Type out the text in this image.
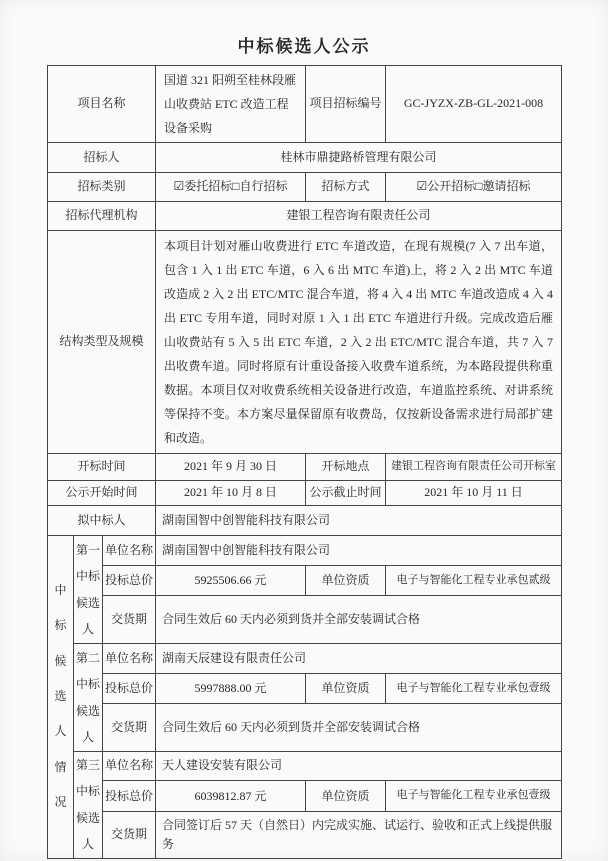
中标候选人公示
项目名称			国道 321 阳朔至桂林段雁山收费站 ETC 改造工程设备采购	项目招标编号	GC-JYZX-ZB-GL-2021-008
招标人			桂林市鼎捷路桥管理有限公司		
招标类别			☑委托招标□自行招标	招标方式	☑公开招标□邀请招标
招标代理机构			建银工程咨询有限责任公司		
结构类型及规模			本项目计划对雁山收费进行 ETC 车道改造，在现有规模(7 入 7 出车道，包含 1 入 1 出 ETC 车道，6 入 6 出 MTC 车道)上，将 2 入 2 出 MTC 车道改造成 2 入 2 出 ETC/MTC 混合车道，将 4 入 4 出 MTC 车道改造成 4 入 4 出 ETC 专用车道，同时对原 1 入 1 出 ETC 车道进行升级。完成改造后雁山收费站有 5 入 5 出 ETC 车道，2 入 2 出 ETC/MTC 混合车道，共 7 入 7 出收费车道。同时将原有计重设备接入收费车道系统，为本路段提供称重数据。本项目仅对收费系统相关设备进行改造，车道监控系统、对讲系统等保持不变。本方案尽量保留原有收费岛，仅按新设备需求进行局部扩建和改造。		
开标时间			2021 年 9 月 30 日	开标地点	建银工程咨询有限责任公司开标室
公示开始时间			2021 年 10 月 8 日	公示截止时间	2021 年 10 月 11 日
拟中标人			湖南国智中创智能科技有限公司		

中标候选人情况	第一中标候选人	单位名称	湖南国智中创智能科技有限公司		
		投标总价	5925506.66 元	单位资质	电子与智能化工程专业承包贰级
		交货期	合同生效后 60 天内必须到货并全部安装调试合格		

	第二中标候选人	单位名称	湖南天辰建设有限责任公司		
		投标总价	5997888.00 元	单位资质	电子与智能化工程专业承包壹级
		交货期	合同生效后 60 天内必须到货并全部安装调试合格		

	第三中标候选人	单位名称	天人建设安装有限公司		
		投标总价	6039812.87 元	单位资质	电子与智能化工程专业承包壹级
		交货期	合同签订后 57 天（自然日）内完成实施、试运行、验收和正式上线提供服务		
